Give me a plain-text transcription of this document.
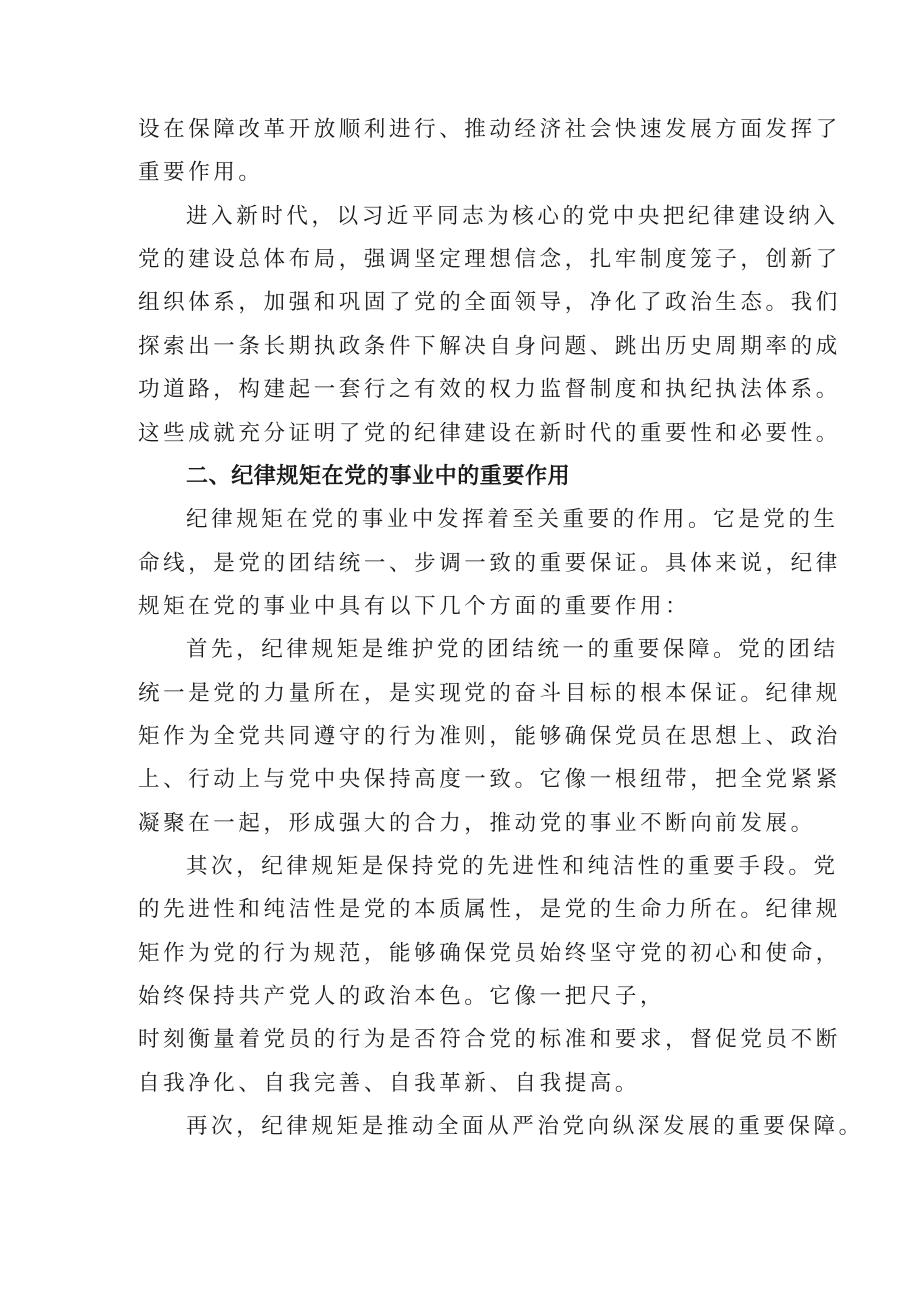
设在保障改革开放顺利进行、推动经济社会快速发展方面发挥了
重要作用。
进入新时代，以习近平同志为核心的党中央把纪律建设纳入
党的建设总体布局，强调坚定理想信念，扎牢制度笼子，创新了
组织体系，加强和巩固了党的全面领导，净化了政治生态。我们
探索出一条长期执政条件下解决自身问题、跳出历史周期率的成
功道路，构建起一套行之有效的权力监督制度和执纪执法体系。
这些成就充分证明了党的纪律建设在新时代的重要性和必要性。
二、纪律规矩在党的事业中的重要作用
纪律规矩在党的事业中发挥着至关重要的作用。它是党的生
命线，是党的团结统一、步调一致的重要保证。具体来说，纪律
规矩在党的事业中具有以下几个方面的重要作用：
首先，纪律规矩是维护党的团结统一的重要保障。党的团结
统一是党的力量所在，是实现党的奋斗目标的根本保证。纪律规
矩作为全党共同遵守的行为准则，能够确保党员在思想上、政治
上、行动上与党中央保持高度一致。它像一根纽带，把全党紧紧
凝聚在一起，形成强大的合力，推动党的事业不断向前发展。
其次，纪律规矩是保持党的先进性和纯洁性的重要手段。党
的先进性和纯洁性是党的本质属性，是党的生命力所在。纪律规
矩作为党的行为规范，能够确保党员始终坚守党的初心和使命，
始终保持共产党人的政治本色。它像一把尺子，
时刻衡量着党员的行为是否符合党的标准和要求，督促党员不断
自我净化、自我完善、自我革新、自我提高。
再次，纪律规矩是推动全面从严治党向纵深发展的重要保障。
